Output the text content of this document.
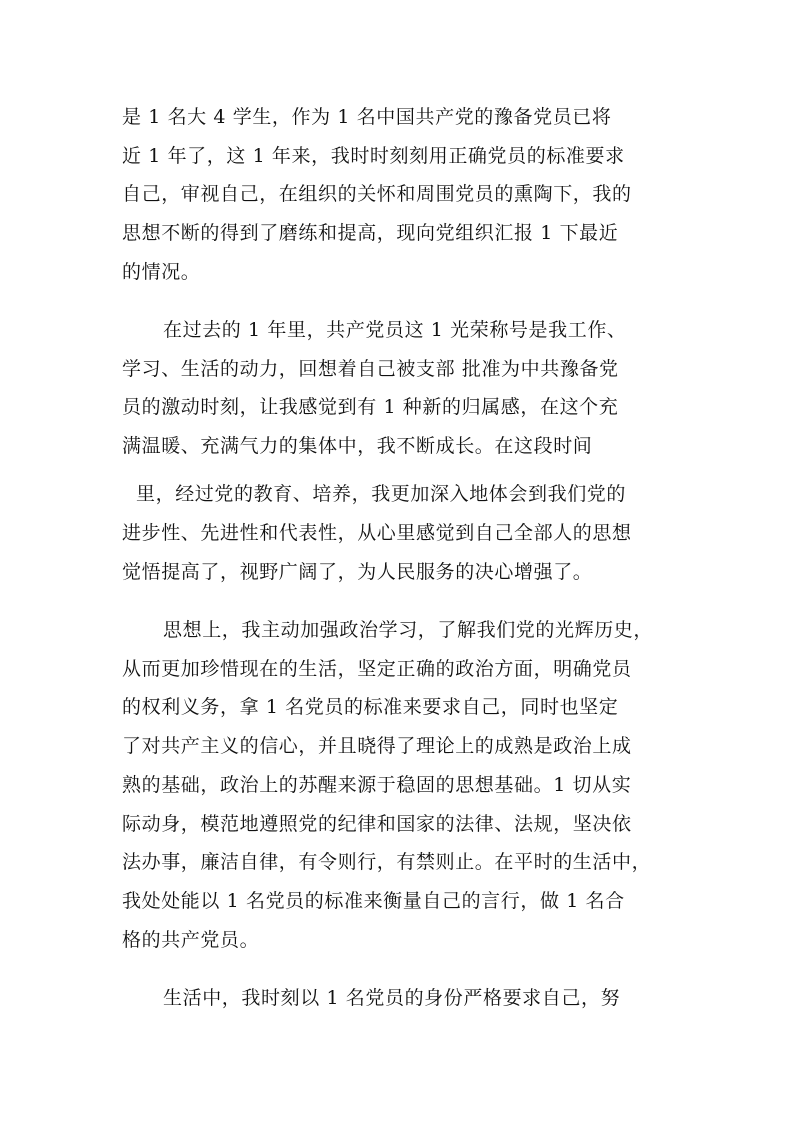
是 1 名大 4 学生，作为 1 名中国共产党的豫备党员已将
近 1 年了，这 1 年来，我时时刻刻用正确党员的标准要求
自己，审视自己，在组织的关怀和周围党员的熏陶下，我的
思想不断的得到了磨练和提高，现向党组织汇报 1 下最近
的情况。
在过去的 1 年里，共产党员这 1 光荣称号是我工作、
学习、生活的动力，回想着自己被支部 批准为中共豫备党
员的激动时刻，让我感觉到有 1 种新的归属感，在这个充
满温暖、充满气力的集体中，我不断成长。在这段时间
里，经过党的教育、培养，我更加深入地体会到我们党的
进步性、先进性和代表性，从心里感觉到自己全部人的思想
觉悟提高了，视野广阔了，为人民服务的决心增强了。
思想上，我主动加强政治学习，了解我们党的光辉历史，
从而更加珍惜现在的生活，坚定正确的政治方面，明确党员
的权利义务，拿 1 名党员的标准来要求自己，同时也坚定
了对共产主义的信心，并且晓得了理论上的成熟是政治上成
熟的基础，政治上的苏醒来源于稳固的思想基础。1 切从实
际动身，模范地遵照党的纪律和国家的法律、法规，坚决依
法办事，廉洁自律，有令则行，有禁则止。在平时的生活中，
我处处能以 1 名党员的标准来衡量自己的言行，做 1 名合
格的共产党员。
生活中，我时刻以 1 名党员的身份严格要求自己，努
